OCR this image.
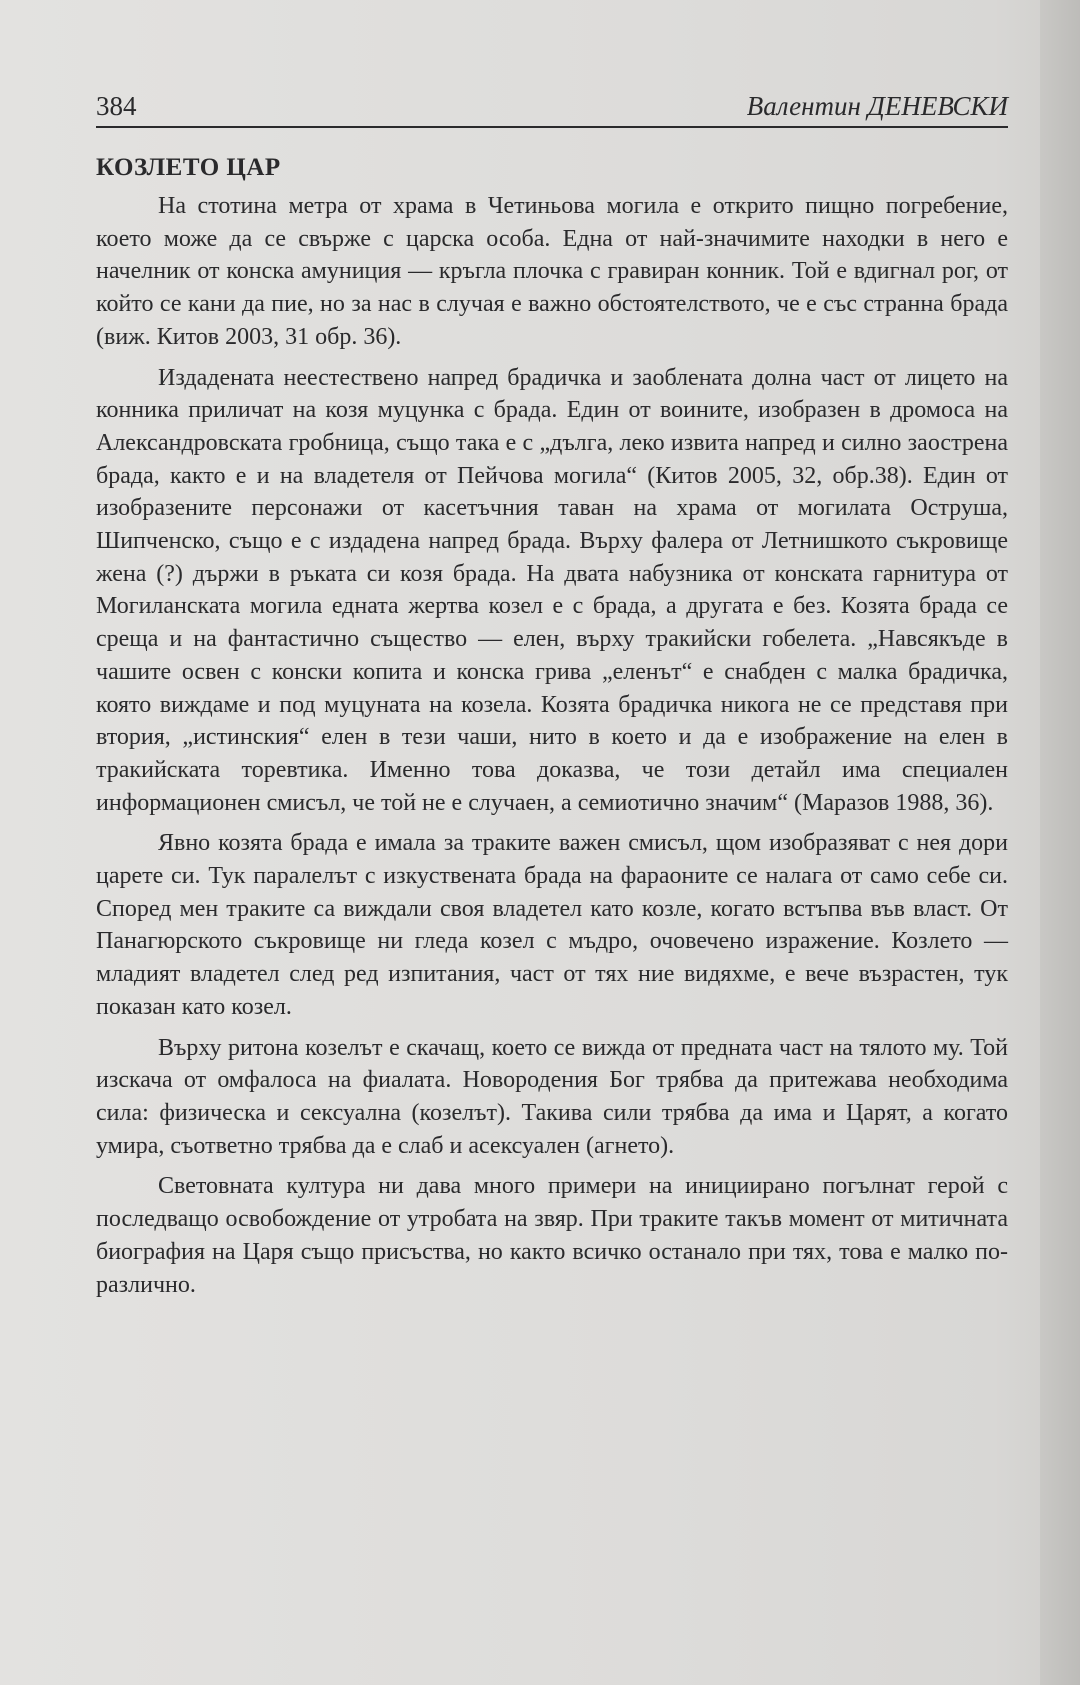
384	Валентин ДЕНЕВСКИ
КОЗЛЕТО ЦАР

На стотина метра от храма в Четиньова могила е открито пищно погребение, което може да се свърже с царска особа. Една от най-значимите находки в него е начелник от конска амуниция — кръгла плочка с гравиран конник. Той е вдигнал рог, от който се кани да пие, но за нас в случая е важно обстоятелството, че е със странна брада (виж. Китов 2003, 31 обр. 36).

Издадената неестествено напред брадичка и заоблената долна част от лицето на конника приличат на козя муцунка с брада. Един от воините, изобразен в дромоса на Александровската гробница, също така е с „дълга, леко извита напред и силно заострена брада, както е и на владетеля от Пейчова могила“ (Китов 2005, 32, обр.38). Един от изобразените персонажи от касетъчния таван на храма от могилата Оструша, Шипченско, също е с издадена напред брада. Върху фалера от Летнишкото съкровище жена (?) държи в ръката си козя брада. На двата набузника от конската гарнитура от Могиланската могила едната жертва козел е с брада, а другата е без. Козята брада се среща и на фантастично същество — елен, върху тракийски гобелета. „Навсякъде в чашите освен с конски копита и конска грива „еленът“ е снабден с малка брадичка, която виждаме и под муцуната на козела. Козята брадичка никога не се представя при втория, „истинския“ елен в тези чаши, нито в което и да е изображение на елен в тракийската торевтика. Именно това доказва, че този детайл има специален информационен смисъл, че той не е случаен, а семиотично значим“ (Маразов 1988, 36).

Явно козята брада е имала за траките важен смисъл, щом изобразяват с нея дори царете си. Тук паралелът с изкуствената брада на фараоните се налага от само себе си. Според мен траките са виждали своя владетел като козле, когато встъпва във власт. От Панагюрското съкровище ни гледа козел с мъдро, очовечено изражение. Козлето — младият владетел след ред изпитания, част от тях ние видяхме, е вече възрастен, тук показан като козел.

Върху ритона козелът е скачащ, което се вижда от предната част на тялото му. Той изскача от омфалоса на фиалата. Новородения Бог трябва да притежава необходима сила: физическа и сексуална (козелът). Такива сили трябва да има и Царят, а когато умира, съответно трябва да е слаб и асексуален (агнето).

Световната култура ни дава много примери на инициирано погълнат герой с последващо освобождение от утробата на звяр. При траките такъв момент от митичната биография на Царя също присъства, но както всичко останало при тях, това е малко по-различно.
